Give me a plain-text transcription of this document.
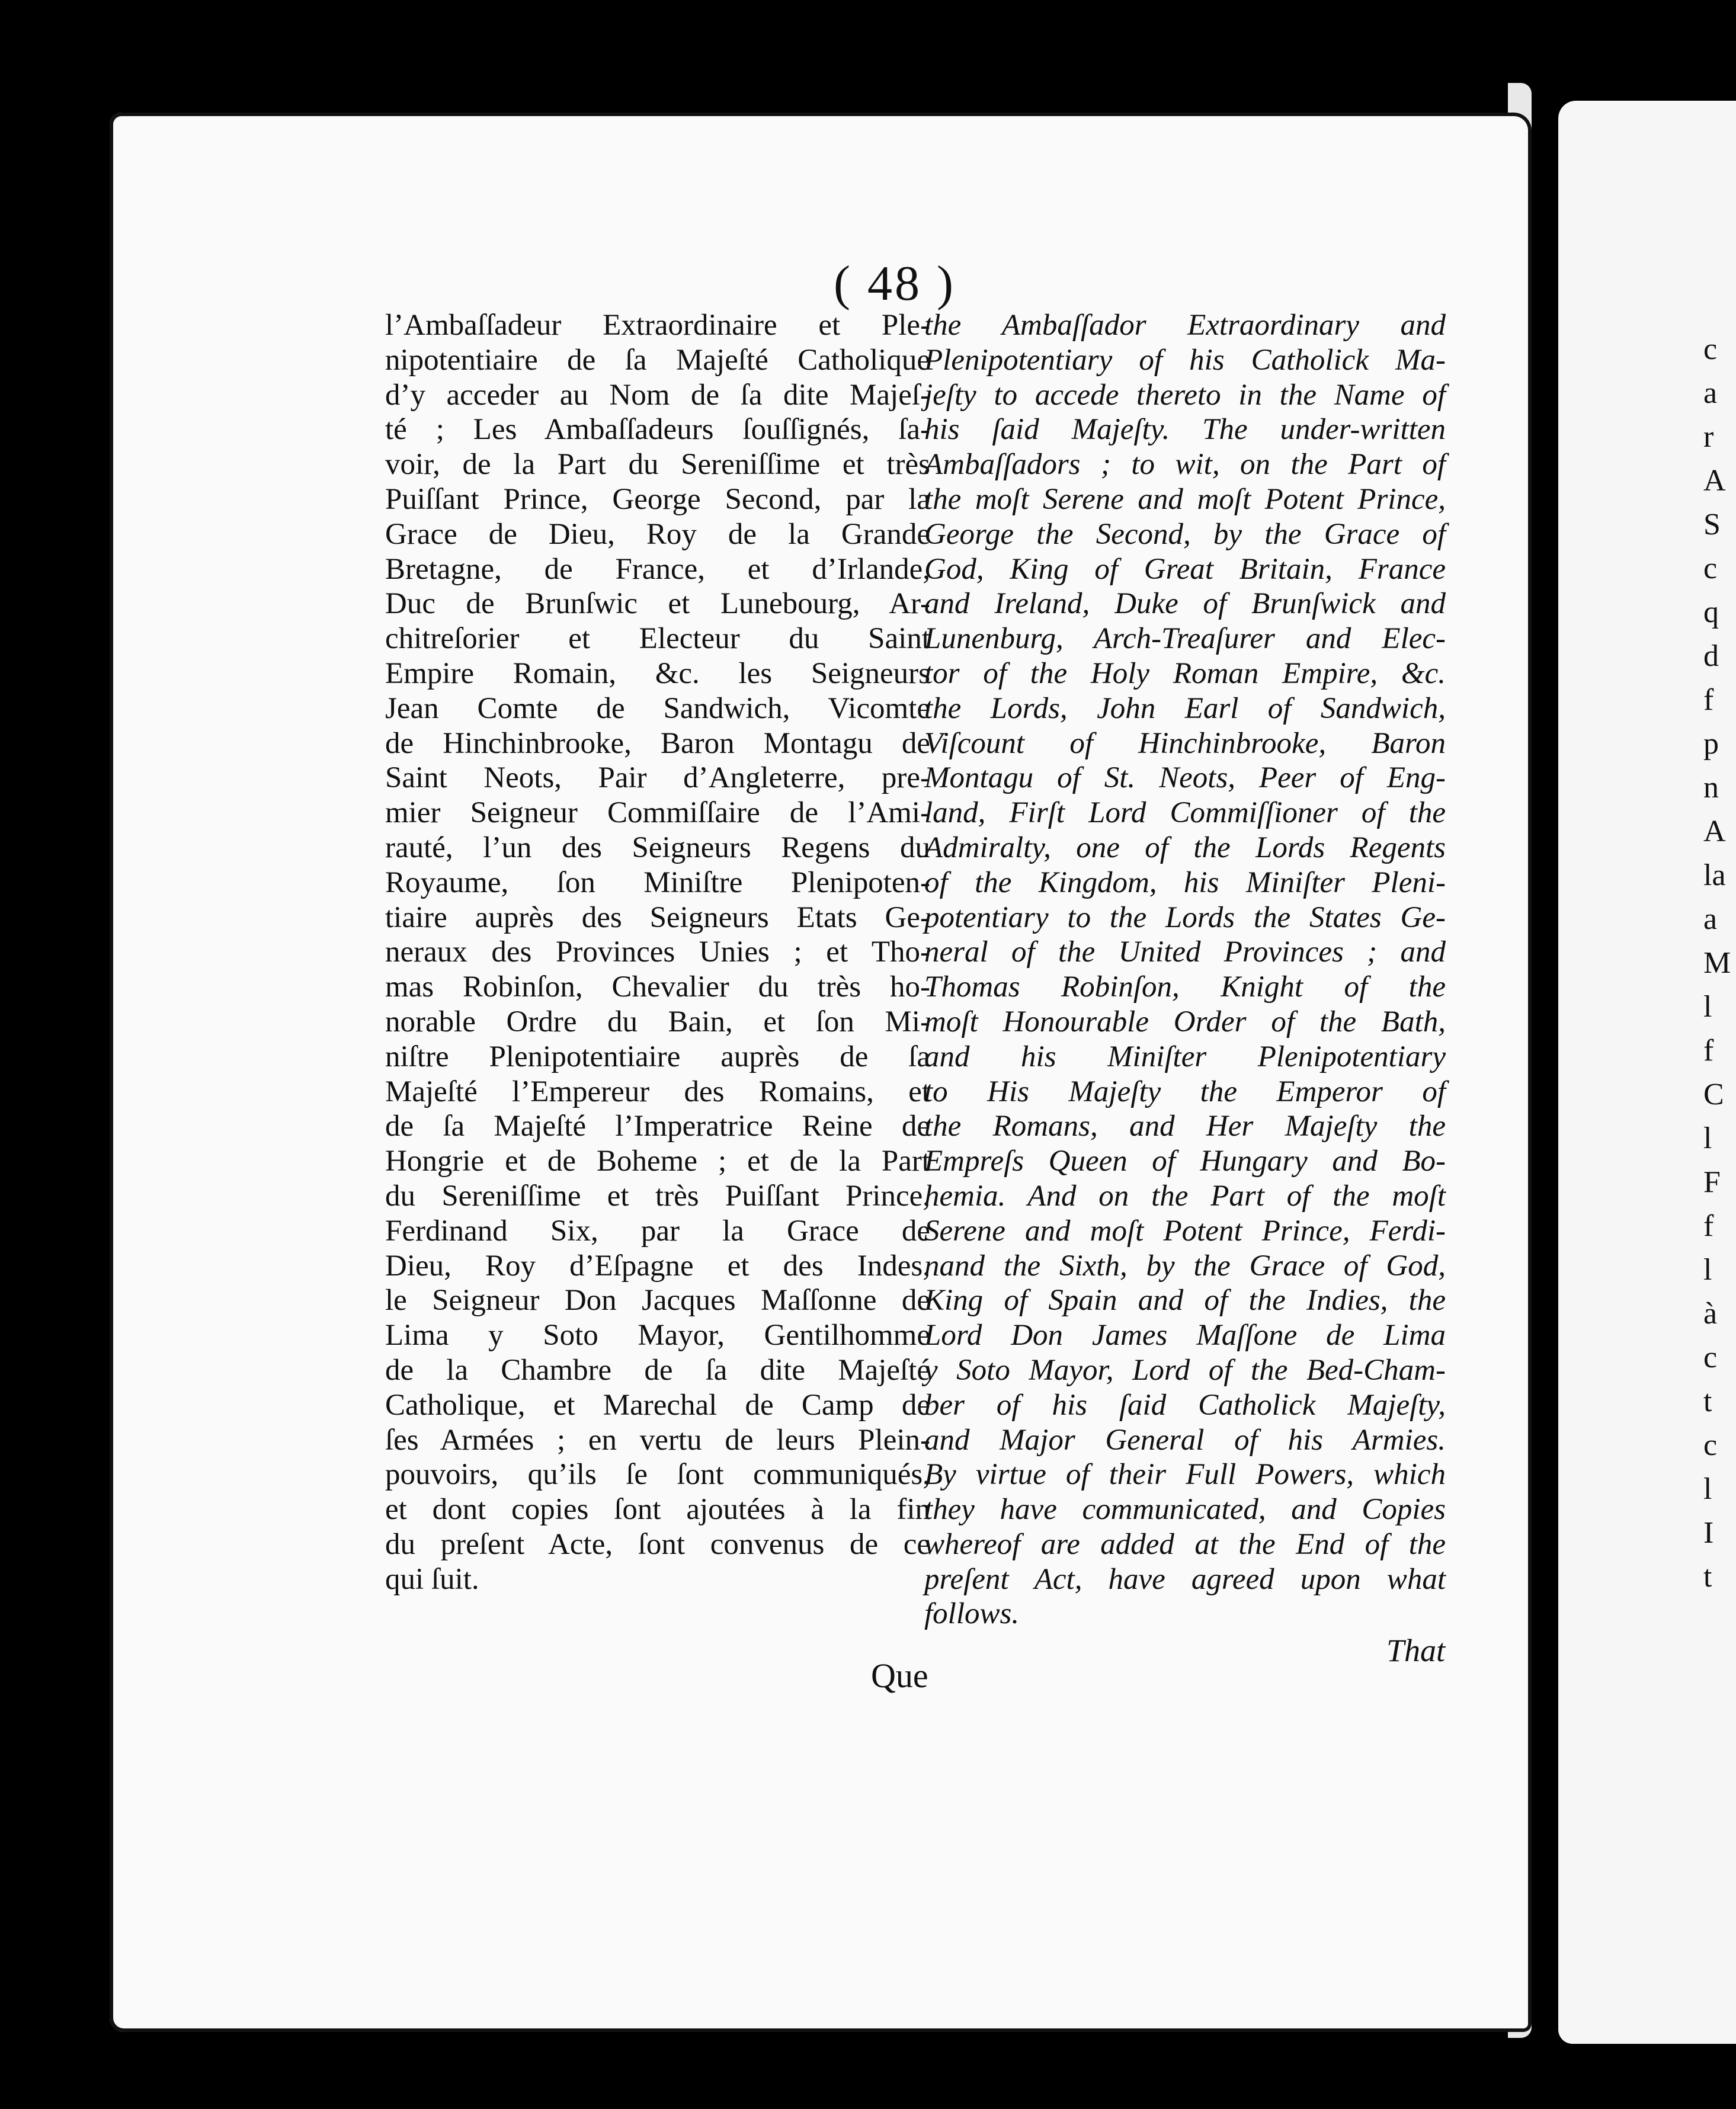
c
a
r
A
S
c
q
d
f
p
n
A
la
a
M
l
f
C
l
F
f
l
à
c
t
c
l
I
t
( 48 )
l’Ambaſſadeur Extraordinaire et Ple-
nipotentiaire de ſa Majeſté Catholique
d’y acceder au Nom de ſa dite Majeſ-
té ; Les Ambaſſadeurs ſouſſignés, ſa-
voir, de la Part du Sereniſſime et très
Puiſſant Prince, George Second, par la
Grace de Dieu, Roy de la Grande
Bretagne, de France, et d’Irlande,
Duc de Brunſwic et Lunebourg, Ar-
chitreſorier et Electeur du Saint
Empire Romain, &c. les Seigneurs
Jean Comte de Sandwich, Vicomte
de Hinchinbrooke, Baron Montagu de
Saint Neots, Pair d’Angleterre, pre-
mier Seigneur Commiſſaire de l’Ami-
rauté, l’un des Seigneurs Regens du
Royaume, ſon Miniſtre Plenipoten-
tiaire auprès des Seigneurs Etats Ge-
neraux des Provinces Unies ; et Tho-
mas Robinſon, Chevalier du très ho-
norable Ordre du Bain, et ſon Mi-
niſtre Plenipotentiaire auprès de ſa
Majeſté l’Empereur des Romains, et
de ſa Majeſté l’Imperatrice Reine de
Hongrie et de Boheme ; et de la Part
du Sereniſſime et très Puiſſant Prince,
Ferdinand Six, par la Grace de
Dieu, Roy d’Eſpagne et des Indes,
le Seigneur Don Jacques Maſſonne de
Lima y Soto Mayor, Gentilhomme
de la Chambre de ſa dite Majeſté
Catholique, et Marechal de Camp de
ſes Armées ; en vertu de leurs Plein-
pouvoirs, qu’ils ſe ſont communiqués,
et dont copies ſont ajoutées à la fin
du preſent Acte, ſont convenus de ce
qui ſuit.
the Ambaſſador Extraordinary and
Plenipotentiary of his Catholick Ma-
jeſty to accede thereto in the Name of
his ſaid Majeſty. The under-written
Ambaſſadors ; to wit, on the Part of
the moſt Serene and moſt Potent Prince,
George the Second, by the Grace of
God, King of Great Britain, France
and Ireland, Duke of Brunſwick and
Lunenburg, Arch-Treaſurer and Elec-
tor of the Holy Roman Empire, &c.
the Lords, John Earl of Sandwich,
Viſcount of Hinchinbrooke, Baron
Montagu of St. Neots, Peer of Eng-
land, Firſt Lord Commiſſioner of the
Admiralty, one of the Lords Regents
of the Kingdom, his Miniſter Pleni-
potentiary to the Lords the States Ge-
neral of the United Provinces ; and
Thomas Robinſon, Knight of the
moſt Honourable Order of the Bath,
and his Miniſter Plenipotentiary
to His Majeſty the Emperor of
the Romans, and Her Majeſty the
Empreſs Queen of Hungary and Bo-
hemia. And on the Part of the moſt
Serene and moſt Potent Prince, Ferdi-
nand the Sixth, by the Grace of God,
King of Spain and of the Indies, the
Lord Don James Maſſone de Lima
y Soto Mayor, Lord of the Bed-Cham-
ber of his ſaid Catholick Majeſty,
and Major General of his Armies.
By virtue of their Full Powers, which
they have communicated, and Copies
whereof are added at the End of the
preſent Act, have agreed upon what
follows.
Que
That
